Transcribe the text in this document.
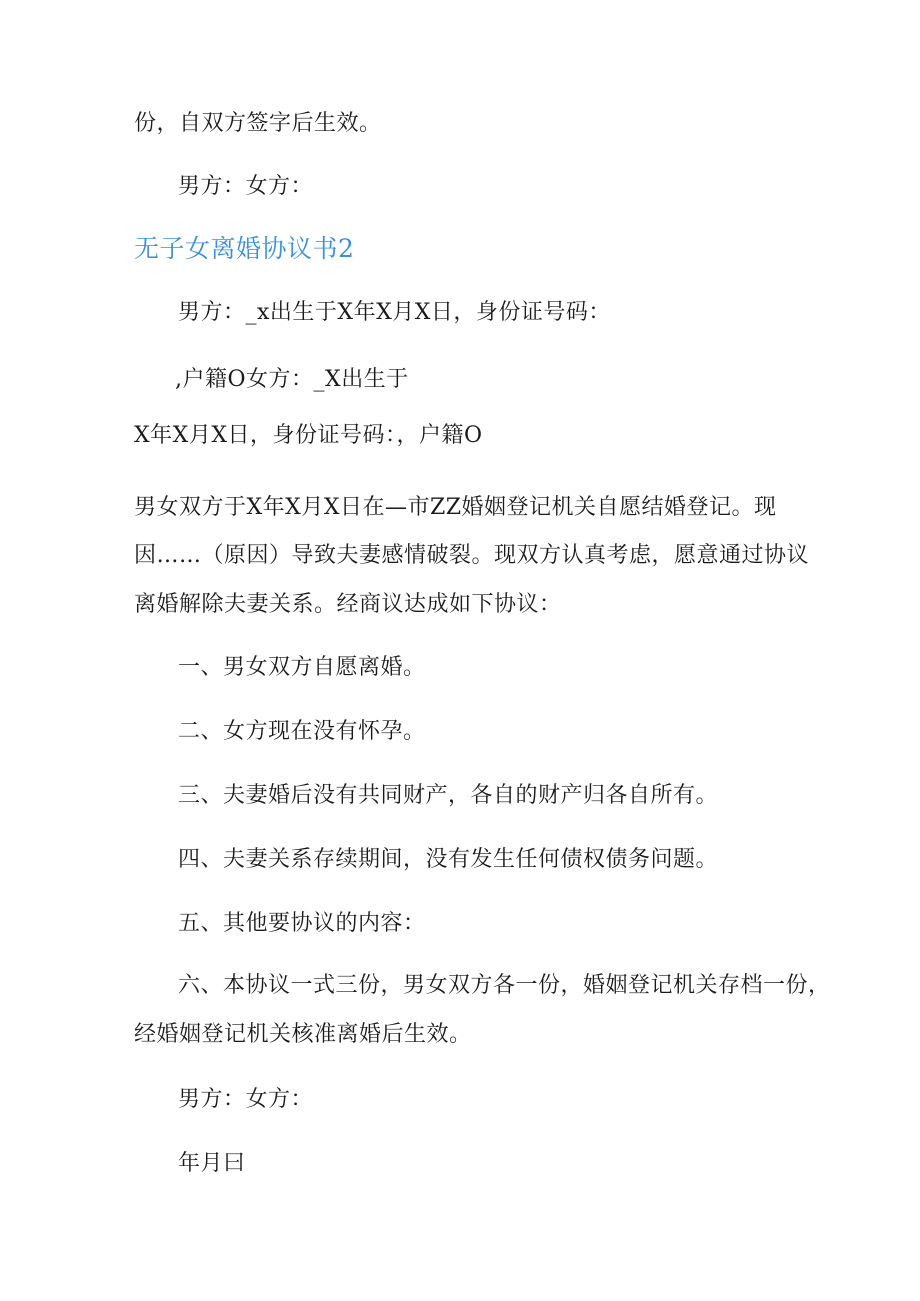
份，自双方签字后生效。
男方：女方：
无子女离婚协议书2
男方：_x出生于X年X月X日，身份证号码：
,户籍O女方：_X出生于
X年X月X日，身份证号码：，户籍O
男女双方于X年X月X日在—市ZZ婚姻登记机关自愿结婚登记。现
因……（原因）导致夫妻感情破裂。现双方认真考虑，愿意通过协议
离婚解除夫妻关系。经商议达成如下协议：
一、男女双方自愿离婚。
二、女方现在没有怀孕。
三、夫妻婚后没有共同财产，各自的财产归各自所有。
四、夫妻关系存续期间，没有发生任何债权债务问题。
五、其他要协议的内容：
六、本协议一式三份，男女双方各一份，婚姻登记机关存档一份，
经婚姻登记机关核准离婚后生效。
男方：女方：
年月曰
